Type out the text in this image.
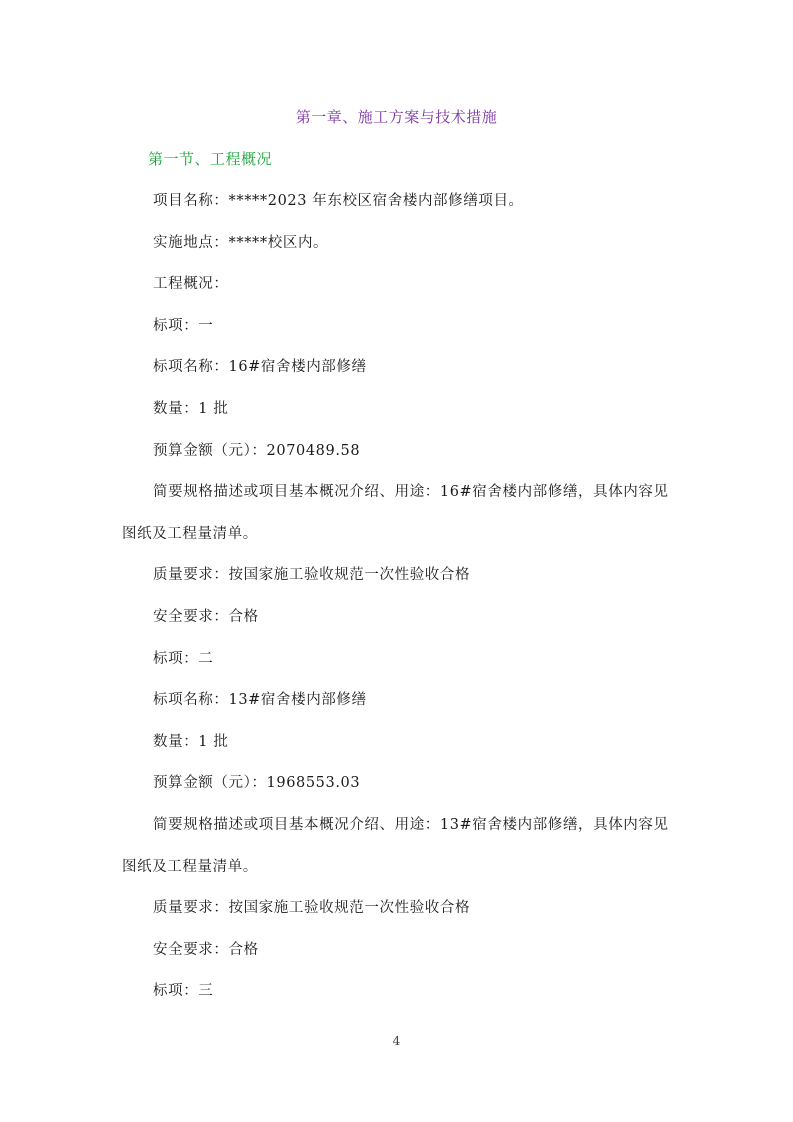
第一章、施工方案与技术措施
第一节、工程概况

项目名称：*****2023 年东校区宿舍楼内部修缮项目。

实施地点：*****校区内。

工程概况：

标项：一

标项名称：16#宿舍楼内部修缮

数量：1 批

预算金额（元）：2070489.58

简要规格描述或项目基本概况介绍、用途：16#宿舍楼内部修缮，具体内容见图纸及工程量清单。

质量要求：按国家施工验收规范一次性验收合格

安全要求：合格

标项：二

标项名称：13#宿舍楼内部修缮

数量：1 批

预算金额（元）：1968553.03

简要规格描述或项目基本概况介绍、用途：13#宿舍楼内部修缮，具体内容见图纸及工程量清单。

质量要求：按国家施工验收规范一次性验收合格

安全要求：合格

标项：三

4
